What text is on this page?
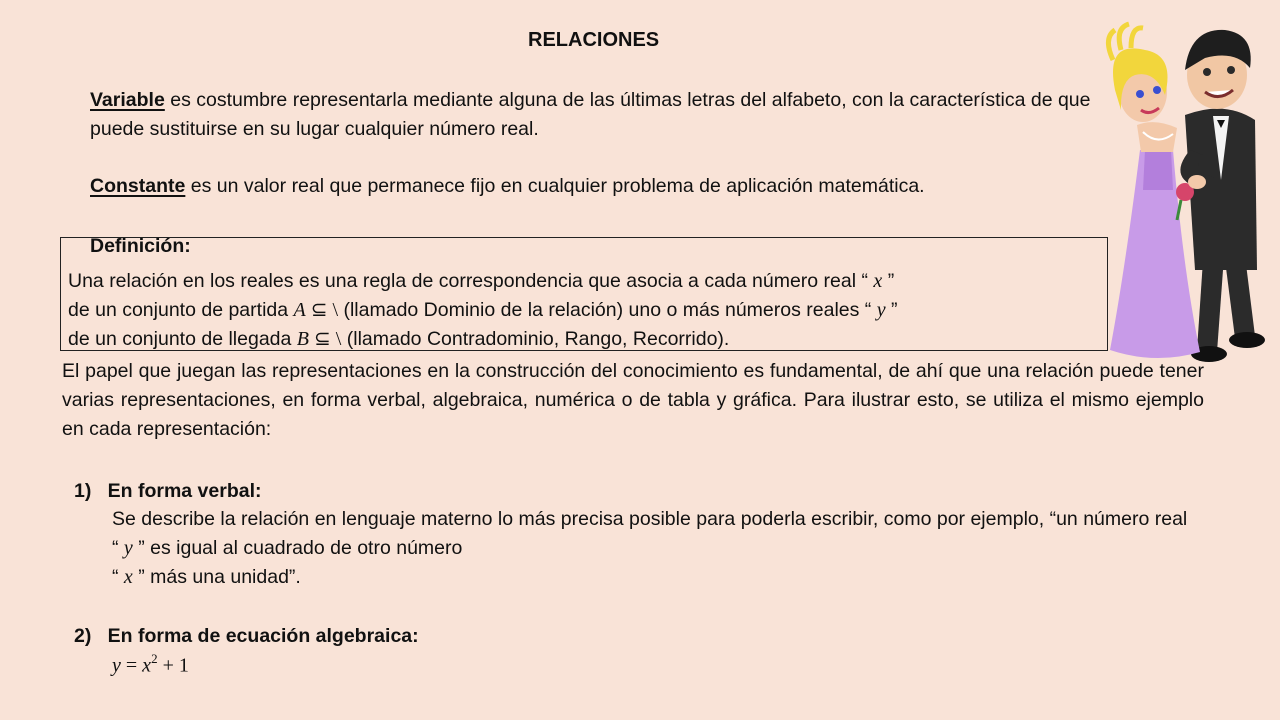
RELACIONES
Variable es costumbre representarla mediante alguna de las últimas letras del alfabeto, con la característica de que puede sustituirse en su lugar cualquier número real.
Constante es un valor real que permanece fijo en cualquier problema de aplicación matemática.
Definición:
Una relación en los reales es una regla de correspondencia que asocia a cada número real “ x ”
de un conjunto de partida A ⊆ \ (llamado Dominio de la relación) uno o más números reales “ y ”
de un conjunto de llegada B ⊆ \ (llamado Contradominio, Rango, Recorrido).
El papel que juegan las representaciones en la construcción del conocimiento es fundamental, de ahí que una relación puede tener varias representaciones, en forma verbal, algebraica, numérica o de tabla y gráfica. Para ilustrar esto, se utiliza el mismo ejemplo en cada representación:
1) En forma verbal:
Se describe la relación en lenguaje materno lo más precisa posible para poderla escribir, como por ejemplo, “un número real “ y ” es igual al cuadrado de otro número
“ x ” más una unidad”.
2) En forma de ecuación algebraica:
$y = x^2 + 1$
